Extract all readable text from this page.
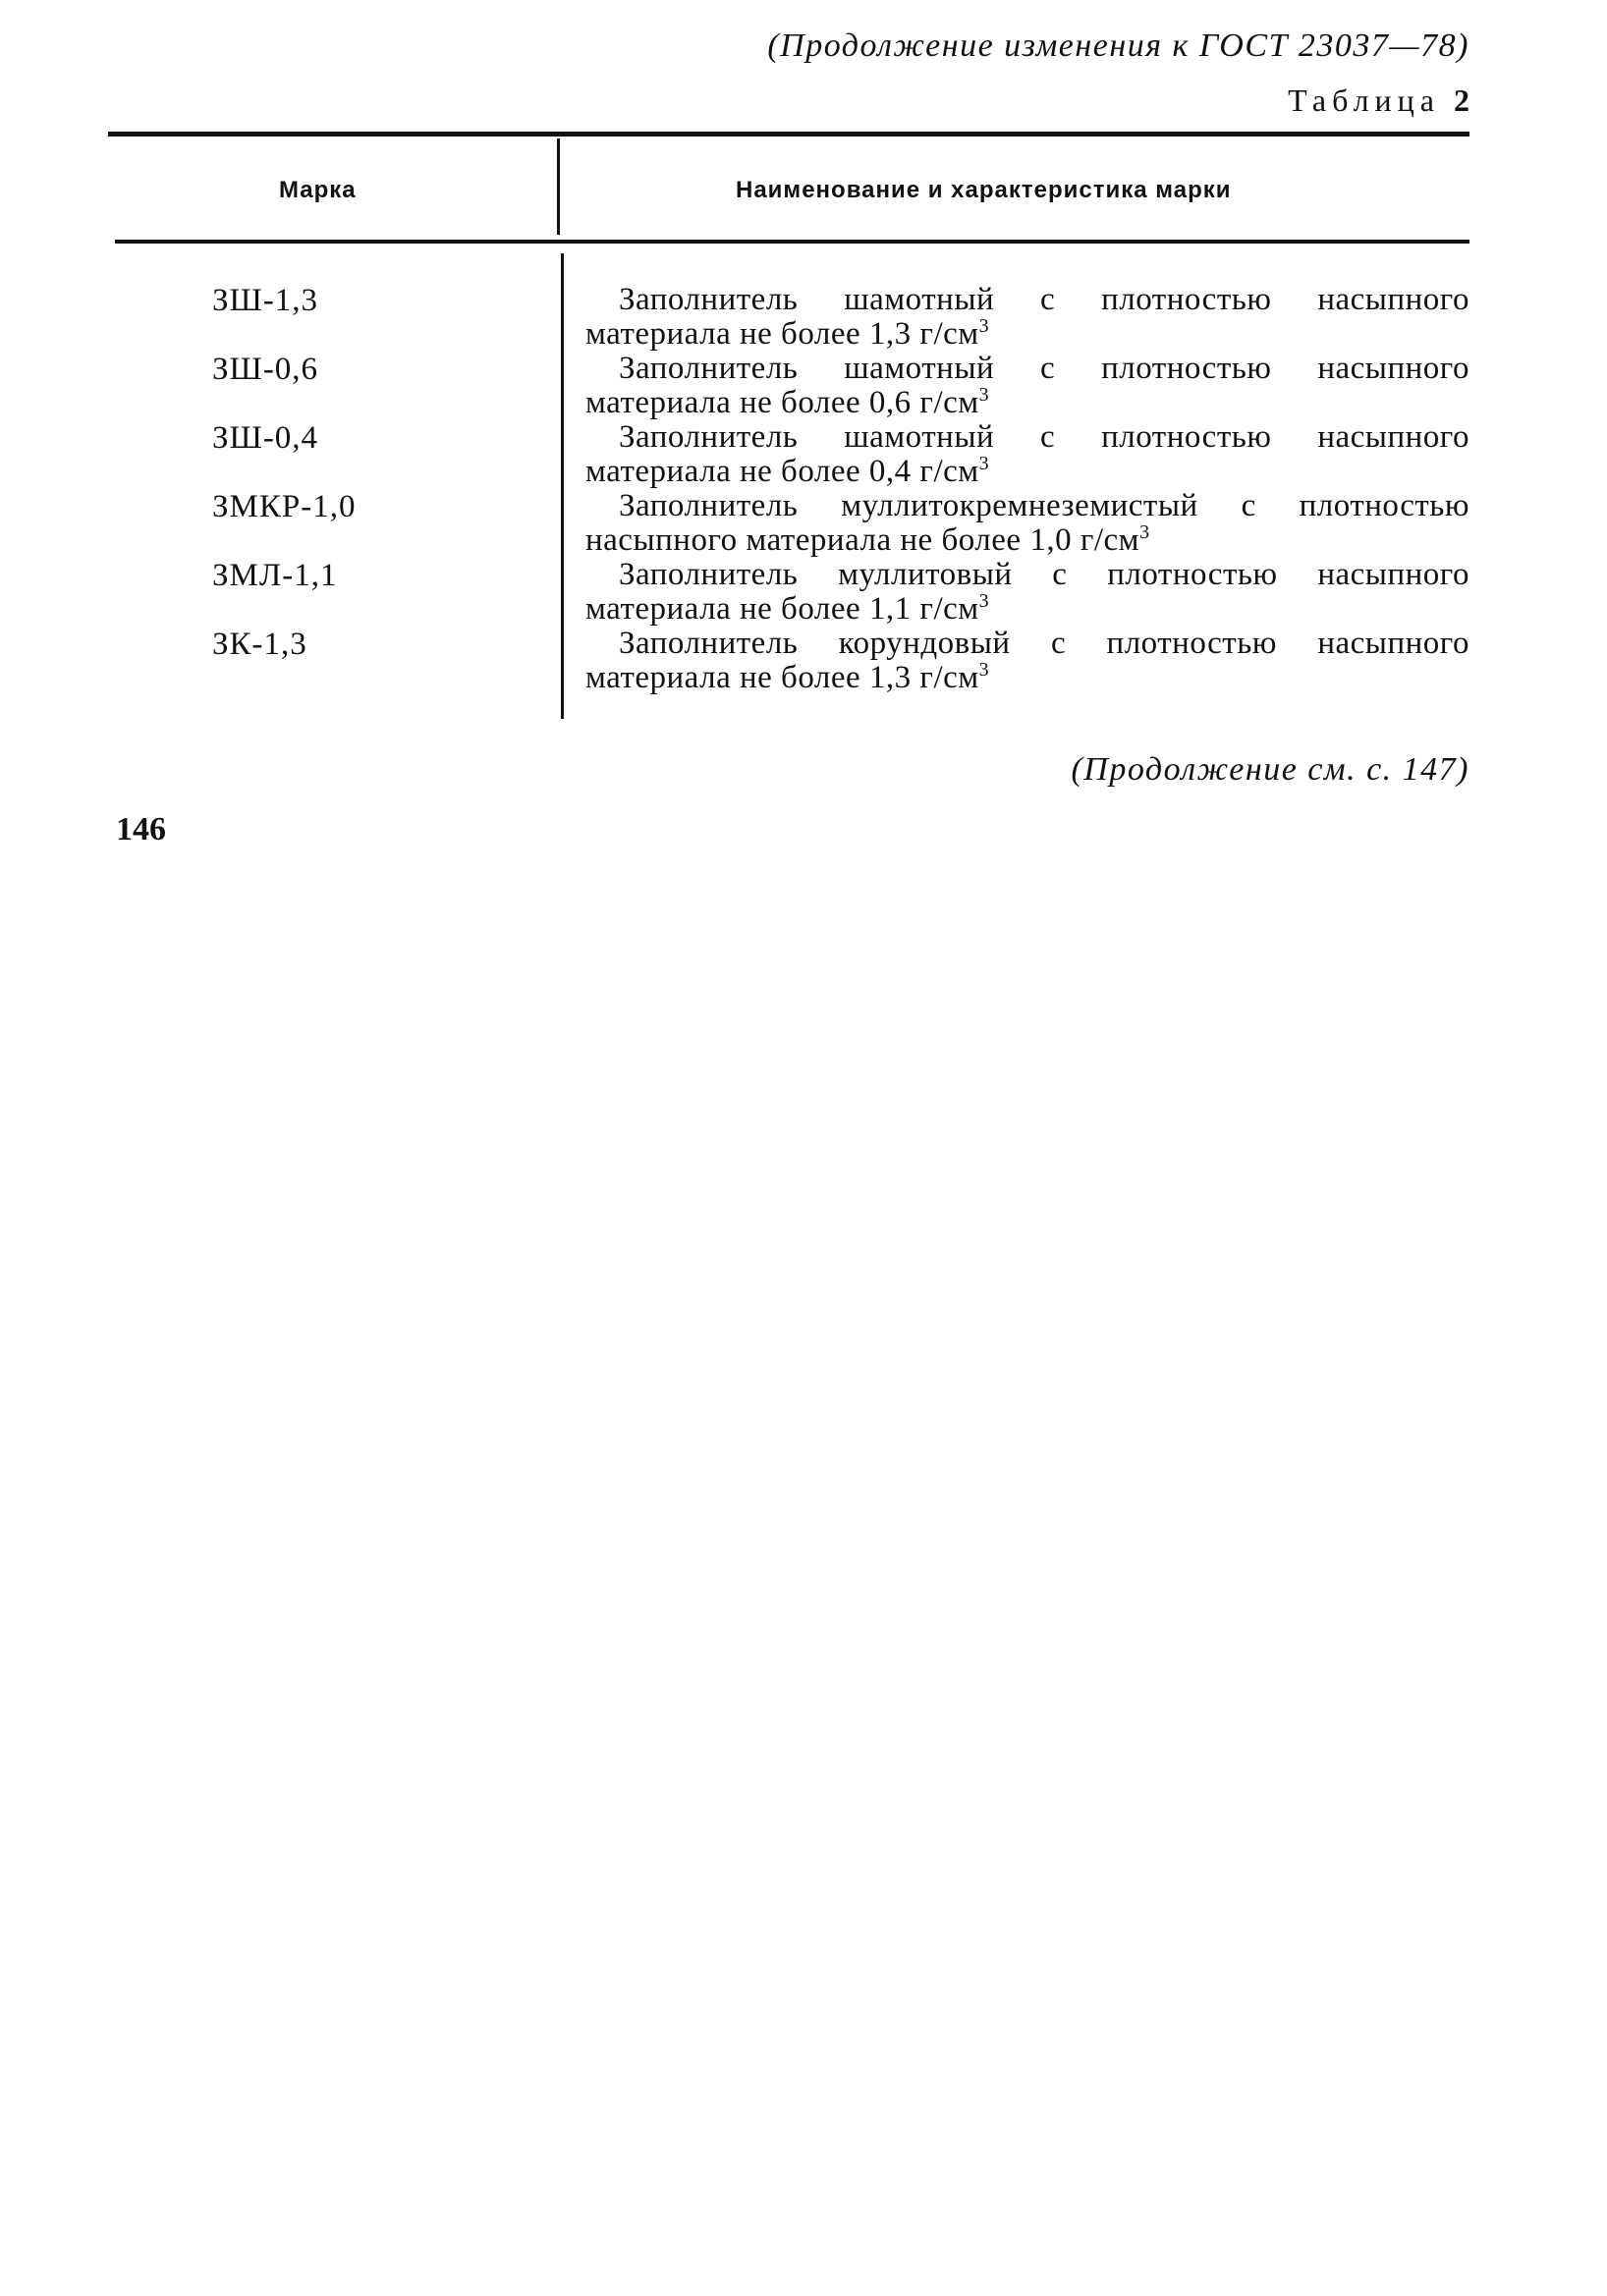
(Продолжение изменения к ГОСТ 23037—78)
Таблица 2
Марка	Наименование и характеристика марки
ЗШ-1,3	Заполнитель шамотный с плотностью насыпного
материала не более 1,3 $г/см^3$
ЗШ-0,6	Заполнитель шамотный с плотностью насыпного
материала не более 0,6 $г/см^3$
ЗШ-0,4	Заполнитель шамотный с плотностью насыпного
материала не более 0,4 $г/см^3$
ЗМКР-1,0	Заполнитель муллитокремнеземистый с плотностью
насыпного материала не более 1,0 $г/см^3$
ЗМЛ-1,1	Заполнитель муллитовый с плотностью насыпного
материала не более 1,1 $г/см^3$
ЗК-1,3	Заполнитель корундовый с плотностью насыпного
материала не более 1,3 $г/см^3$
(Продолжение см. с. 147)
146
